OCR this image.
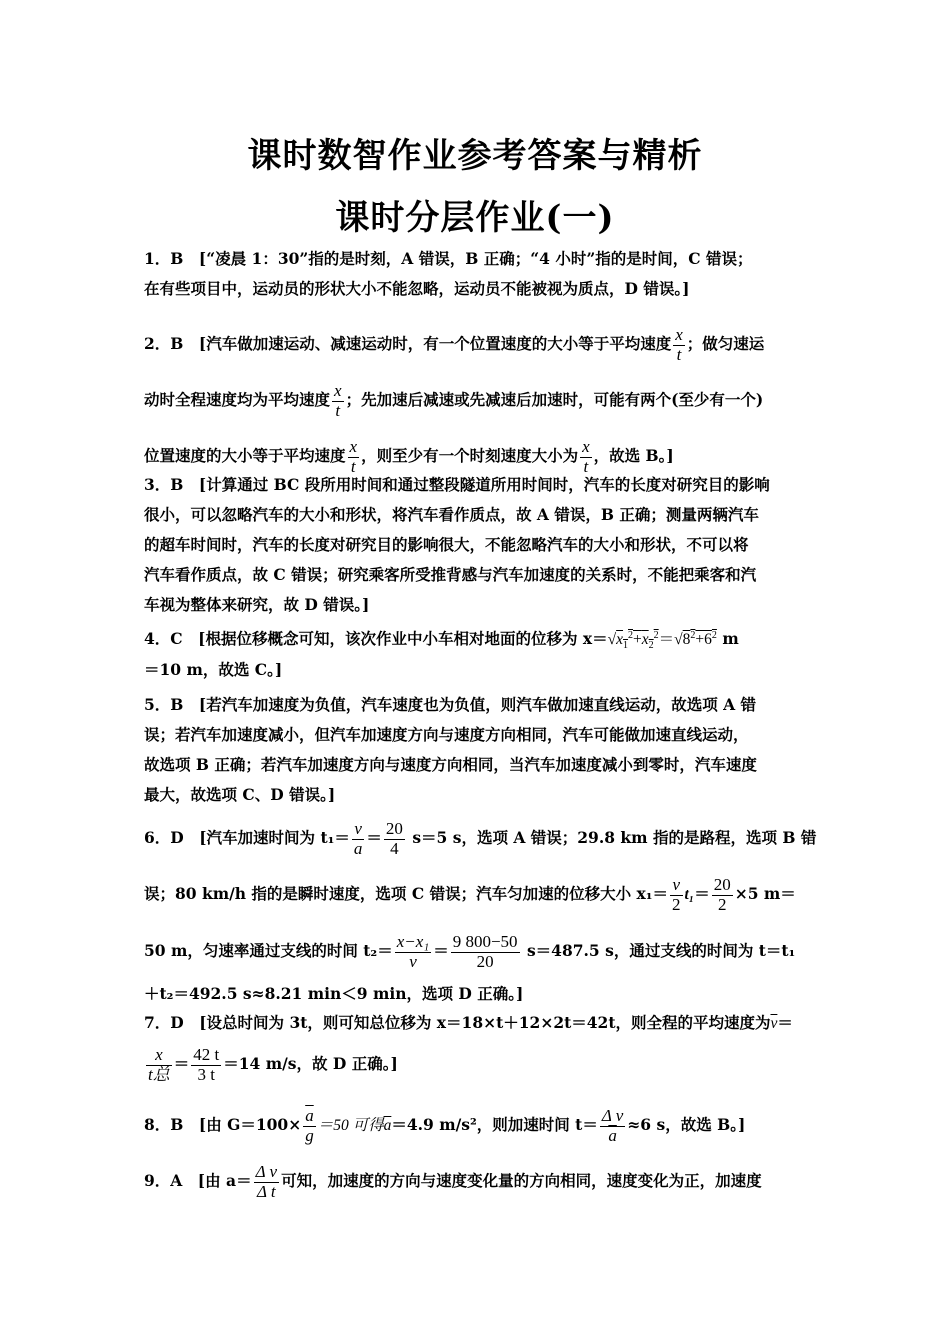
课时数智作业参考答案与精析
课时分层作业(一)
1．B　[“凌晨 1：30”指的是时刻，A 错误，B 正确；“4 小时”指的是时间，C 错误；
在有些项目中，运动员的形状大小不能忽略，运动员不能被视为质点，D 错误。]
2．B　[汽车做加速运动、减速运动时，有一个位置速度的大小等于平均速度 $\frac{x}{t}$ ；做匀速运
动时全程速度均为平均速度 $\frac{x}{t}$ ；先加速后减速或先减速后加速时，可能有两个(至少有一个)
位置速度的大小等于平均速度 $\frac{x}{t}$ ，则至少有一个时刻速度大小为 $\frac{x}{t}$ ，故选 B。]
3．B　[计算通过 BC 段所用时间和通过整段隧道所用时间时，汽车的长度对研究目的影响
很小，可以忽略汽车的大小和形状，将汽车看作质点，故 A 错误，B 正确；测量两辆汽车
的超车时间时，汽车的长度对研究目的影响很大，不能忽略汽车的大小和形状，不可以将
汽车看作质点，故 C 错误；研究乘客所受推背感与汽车加速度的关系时，不能把乘客和汽
车视为整体来研究，故 D 错误。]
4．C　[根据位移概念可知，该次作业中小车相对地面的位移为 $x=√x_1^2+x_2^2=√8^2+6^2$ m
＝10 m，故选 C。]
5．B　[若汽车加速度为负值，汽车速度也为负值，则汽车做加速直线运动，故选项 A 错
误；若汽车加速度减小，但汽车加速度方向与速度方向相同，汽车可能做加速直线运动，
故选项 B 正确；若汽车加速度方向与速度方向相同，当汽车加速度减小到零时，汽车速度
最大，故选项 C、D 错误。]
6．D　[汽车加速时间为 $t_1= \frac{v}{a} = \frac{20}{4} s=5$ s，选项 A 错误；29.8 km 指的是路程，选项 B 错
误；80 km/h 指的是瞬时速度，选项 C 错误；汽车匀加速的位移大小 $x_1= \frac{v}{2} t_1= \frac{20}{2} \times 5$ m＝
50 m，匀速率通过支线的时间 $t_2= \frac{\text{x−x₁}}{v} = \frac{9 800-50}{20} s=487.5$ s，通过支线的时间为 t＝t₁
＋t₂＝492.5 s≈8.21 min＜9 min，选项 D 正确。]
7．D　[设总时间为 3t，则可知总位移为 x＝18×t＋12×2t＝42t，则全程的平均速度为$\overline{v}=$
$\frac{x}{\text{t总}} = \frac{42 t}{3 t} =14$ m/s，故 D 正确。]
8．B　[由 $G=100\times \frac{\overline{a}}{g} =50$ 可得$\overline{a}=4.9$ m/s²，则加速时间 $t= \frac{\text{Δ v}}{a} \approx 6$ s，故选 B。]
9．A　[由 $a= \frac{\text{Δ v}}{\text{Δ t}}$ 可知，加速度的方向与速度变化量的方向相同，速度变化为正，加速度
